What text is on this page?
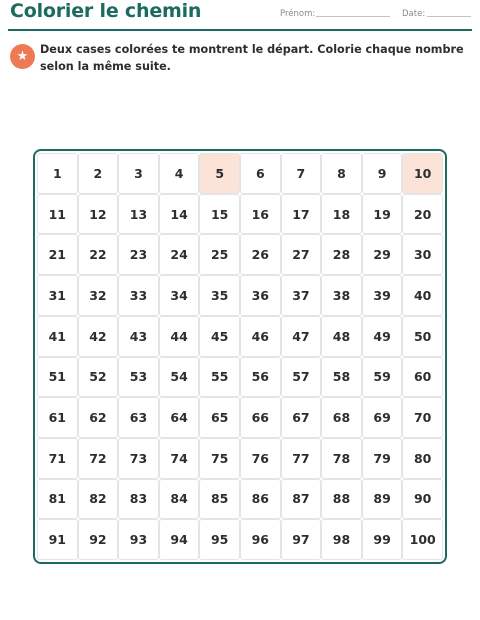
Colorier le chemin	Prénom:	Date:
★	Deux cases colorées te montrent le départ. Colorie chaque nombre selon la même suite.
1	2	3	4	5	6	7	8	9	10
11	12	13	14	15	16	17	18	19	20
21	22	23	24	25	26	27	28	29	30
31	32	33	34	35	36	37	38	39	40
41	42	43	44	45	46	47	48	49	50
51	52	53	54	55	56	57	58	59	60
61	62	63	64	65	66	67	68	69	70
71	72	73	74	75	76	77	78	79	80
81	82	83	84	85	86	87	88	89	90
91	92	93	94	95	96	97	98	99	100
